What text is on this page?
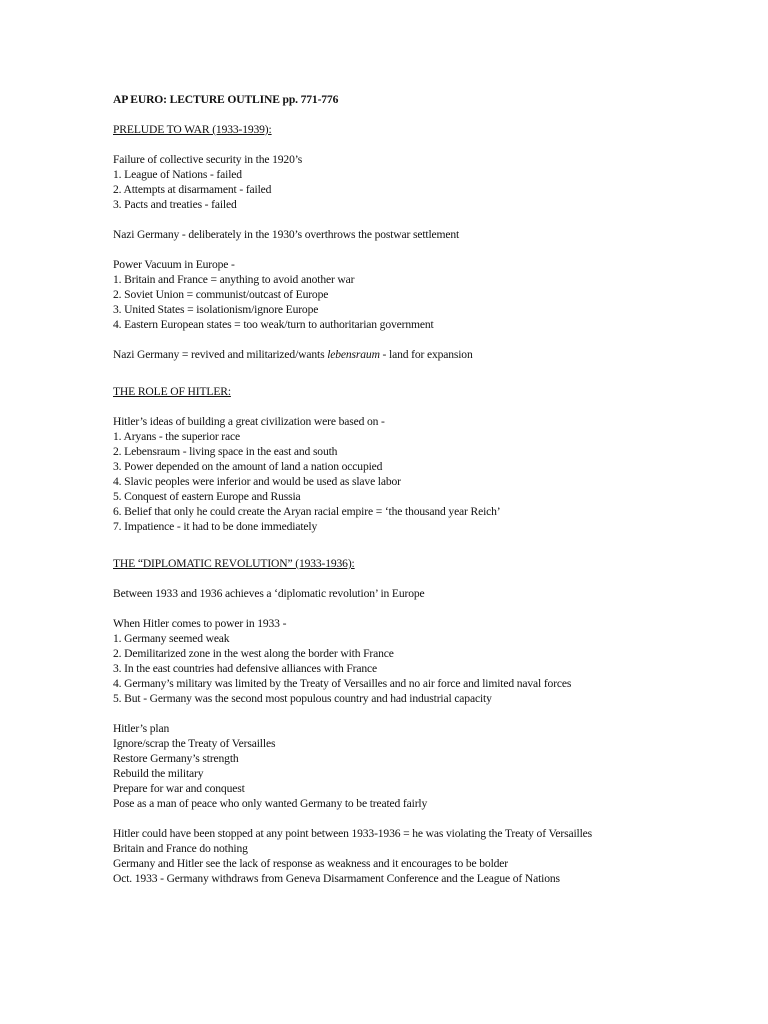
AP EURO: LECTURE OUTLINE pp. 771-776
PRELUDE TO WAR (1933-1939):
Failure of collective security in the 1920’s
1. League of Nations - failed
2. Attempts at disarmament - failed
3. Pacts and treaties - failed
Nazi Germany - deliberately in the 1930’s overthrows the postwar settlement
Power Vacuum in Europe -
1. Britain and France = anything to avoid another war
2. Soviet Union = communist/outcast of Europe
3. United States = isolationism/ignore Europe
4. Eastern European states = too weak/turn to authoritarian government
Nazi Germany = revived and militarized/wants lebensraum - land for expansion
THE ROLE OF HITLER:
Hitler’s ideas of building a great civilization were based on -
1. Aryans - the superior race
2. Lebensraum - living space in the east and south
3. Power depended on the amount of land a nation occupied
4. Slavic peoples were inferior and would be used as slave labor
5. Conquest of eastern Europe and Russia
6. Belief that only he could create the Aryan racial empire = ‘the thousand year Reich’
7. Impatience - it had to be done immediately
THE “DIPLOMATIC REVOLUTION” (1933-1936):
Between 1933 and 1936 achieves a ‘diplomatic revolution’ in Europe
When Hitler comes to power in 1933 -
1. Germany seemed weak
2. Demilitarized zone in the west along the border with France
3. In the east countries had defensive alliances with France
4. Germany’s military was limited by the Treaty of Versailles and no air force and limited naval forces
5. But - Germany was the second most populous country and had industrial capacity
Hitler’s plan
Ignore/scrap the Treaty of Versailles
Restore Germany’s strength
Rebuild the military
Prepare for war and conquest
Pose as a man of peace who only wanted Germany to be treated fairly
Hitler could have been stopped at any point between 1933-1936 = he was violating the Treaty of Versailles
Britain and France do nothing
Germany and Hitler see the lack of response as weakness and it encourages to be bolder
Oct. 1933 - Germany withdraws from Geneva Disarmament Conference and the League of Nations
